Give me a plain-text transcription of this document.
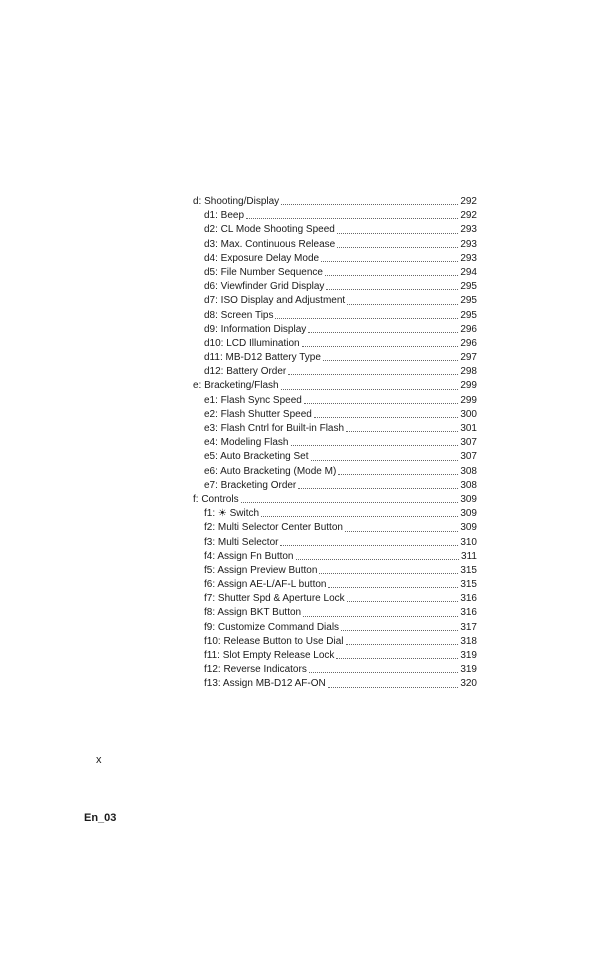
d: Shooting/Display	292
d1: Beep	292
d2: CL Mode Shooting Speed	293
d3: Max. Continuous Release	293
d4: Exposure Delay Mode	293
d5: File Number Sequence	294
d6: Viewfinder Grid Display	295
d7: ISO Display and Adjustment	295
d8: Screen Tips	295
d9: Information Display	296
d10: LCD Illumination	296
d11: MB-D12 Battery Type	297
d12: Battery Order	298
e: Bracketing/Flash	299
e1: Flash Sync Speed	299
e2: Flash Shutter Speed	300
e3: Flash Cntrl for Built-in Flash	301
e4: Modeling Flash	307
e5: Auto Bracketing Set	307
e6: Auto Bracketing (Mode M)	308
e7: Bracketing Order	308
f: Controls	309
f1: ☀ Switch	309
f2: Multi Selector Center Button	309
f3: Multi Selector	310
f4: Assign Fn Button	311
f5: Assign Preview Button	315
f6: Assign AE-L/AF-L button	315
f7: Shutter Spd & Aperture Lock	316
f8: Assign BKT Button	316
f9: Customize Command Dials	317
f10: Release Button to Use Dial	318
f11: Slot Empty Release Lock	319
f12: Reverse Indicators	319
f13: Assign MB-D12 AF-ON	320
x
En_03
